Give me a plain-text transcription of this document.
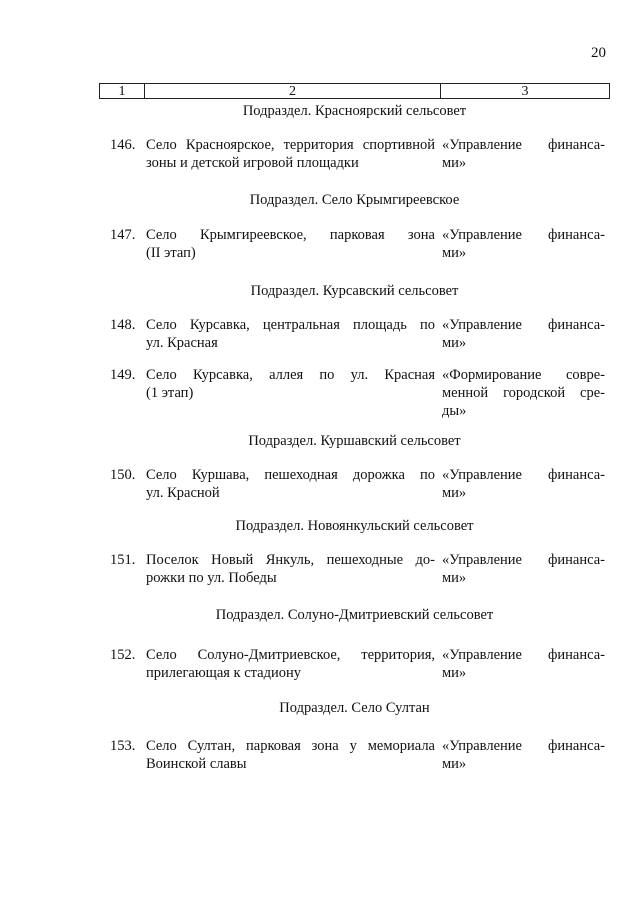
20
1	2	3
Подраздел. Красноярский сельсовет
Подраздел. Село Крымгиреевское
Подраздел. Курсавский сельсовет
Подраздел. Куршавский сельсовет
Подраздел. Новоянкульский сельсовет
Подраздел. Солуно-Дмитриевский сельсовет
Подраздел. Село Султан
146. Село Красноярское, территория спортивной
зоны и детской игровой площадки
«Управление финанса-
ми»
147. Село Крымгиреевское, парковая зона
(II этап)
«Управление финанса-
ми»
148. Село Курсавка, центральная площадь по
ул. Красная
«Управление финанса-
ми»
149. Село Курсавка, аллея по ул. Красная
(1 этап)
«Формирование совре-
менной городской сре-
ды»
150. Село Куршава, пешеходная дорожка по
ул. Красной
«Управление финанса-
ми»
151. Поселок Новый Янкуль, пешеходные до-
рожки по ул. Победы
«Управление финанса-
ми»
152. Село Солуно-Дмитриевское, территория,
прилегающая к стадиону
«Управление финанса-
ми»
153. Село Султан, парковая зона у мемориала
Воинской славы
«Управление финанса-
ми»
